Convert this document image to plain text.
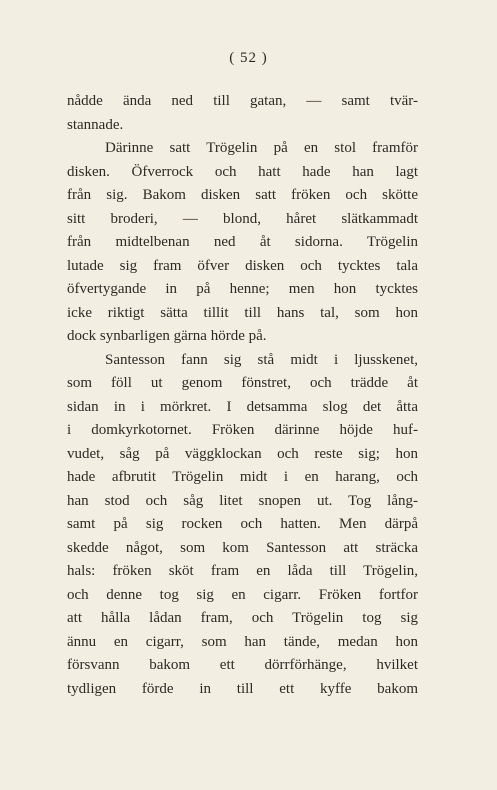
( 52 )
nådde ända ned till gatan, — samt tvär-
stannade.
Därinne satt Trögelin på en stol framför
disken. Öfverrock och hatt hade han lagt
från sig. Bakom disken satt fröken och skötte
sitt broderi, — blond, håret slätkammadt
från midtelbenan ned åt sidorna. Trögelin
lutade sig fram öfver disken och tycktes tala
öfvertygande in på henne; men hon tycktes
icke riktigt sätta tillit till hans tal, som hon
dock synbarligen gärna hörde på.
Santesson fann sig stå midt i ljusskenet,
som föll ut genom fönstret, och trädde åt
sidan in i mörkret. I detsamma slog det åtta
i domkyrkotornet. Fröken därinne höjde huf-
vudet, såg på väggklockan och reste sig; hon
hade afbrutit Trögelin midt i en harang, och
han stod och såg litet snopen ut. Tog lång-
samt på sig rocken och hatten. Men därpå
skedde något, som kom Santesson att sträcka
hals: fröken sköt fram en låda till Trögelin,
och denne tog sig en cigarr. Fröken fortfor
att hålla lådan fram, och Trögelin tog sig
ännu en cigarr, som han tände, medan hon
försvann bakom ett dörrförhänge, hvilket
tydligen förde in till ett kyffe bakom
